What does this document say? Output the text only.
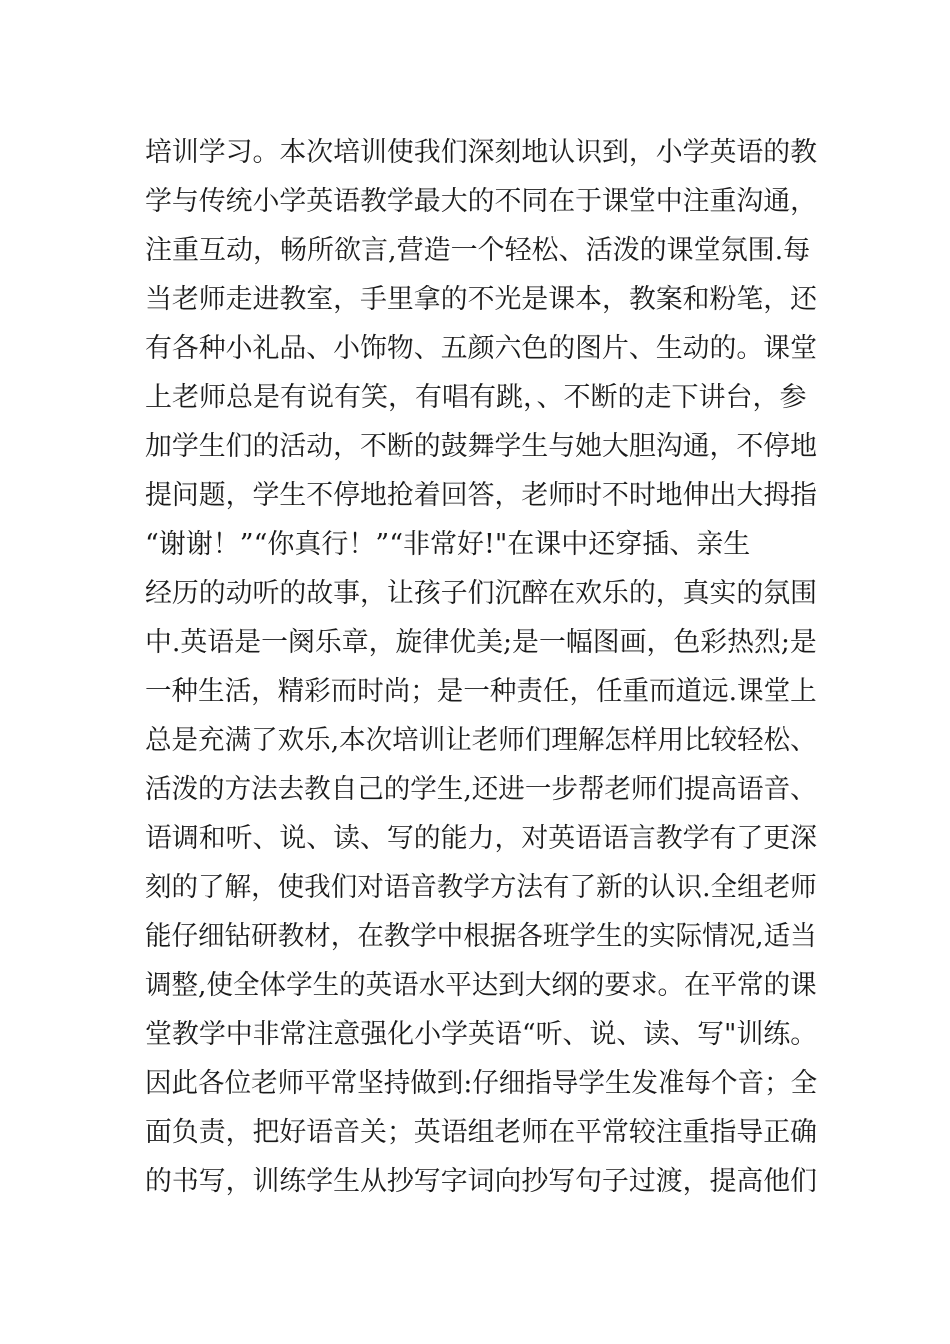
培训学习。本次培训使我们深刻地认识到，小学英语的教
学与传统小学英语教学最大的不同在于课堂中注重沟通，
注重互动，畅所欲言,营造一个轻松、活泼的课堂氛围.每
当老师走进教室，手里拿的不光是课本，教案和粉笔，还
有各种小礼品、小饰物、五颜六色的图片、生动的。课堂
上老师总是有说有笑，有唱有跳，、不断的走下讲台，参
加学生们的活动，不断的鼓舞学生与她大胆沟通，不停地
提问题，学生不停地抢着回答，老师时不时地伸出大拇指
“谢谢！”“你真行！”“非常好!"在课中还穿插、亲生
经历的动听的故事，让孩子们沉醉在欢乐的，真实的氛围
中.英语是一阕乐章，旋律优美;是一幅图画，色彩热烈;是
一种生活，精彩而时尚；是一种责任，任重而道远.课堂上
总是充满了欢乐,本次培训让老师们理解怎样用比较轻松、
活泼的方法去教自己的学生,还进一步帮老师们提高语音、
语调和听、说、读、写的能力，对英语语言教学有了更深
刻的了解，使我们对语音教学方法有了新的认识.全组老师
能仔细钻研教材，在教学中根据各班学生的实际情况,适当
调整,使全体学生的英语水平达到大纲的要求。在平常的课
堂教学中非常注意强化小学英语“听、说、读、写"训练。
因此各位老师平常坚持做到:仔细指导学生发准每个音；全
面负责，把好语音关；英语组老师在平常较注重指导正确
的书写，训练学生从抄写字词向抄写句子过渡，提高他们
